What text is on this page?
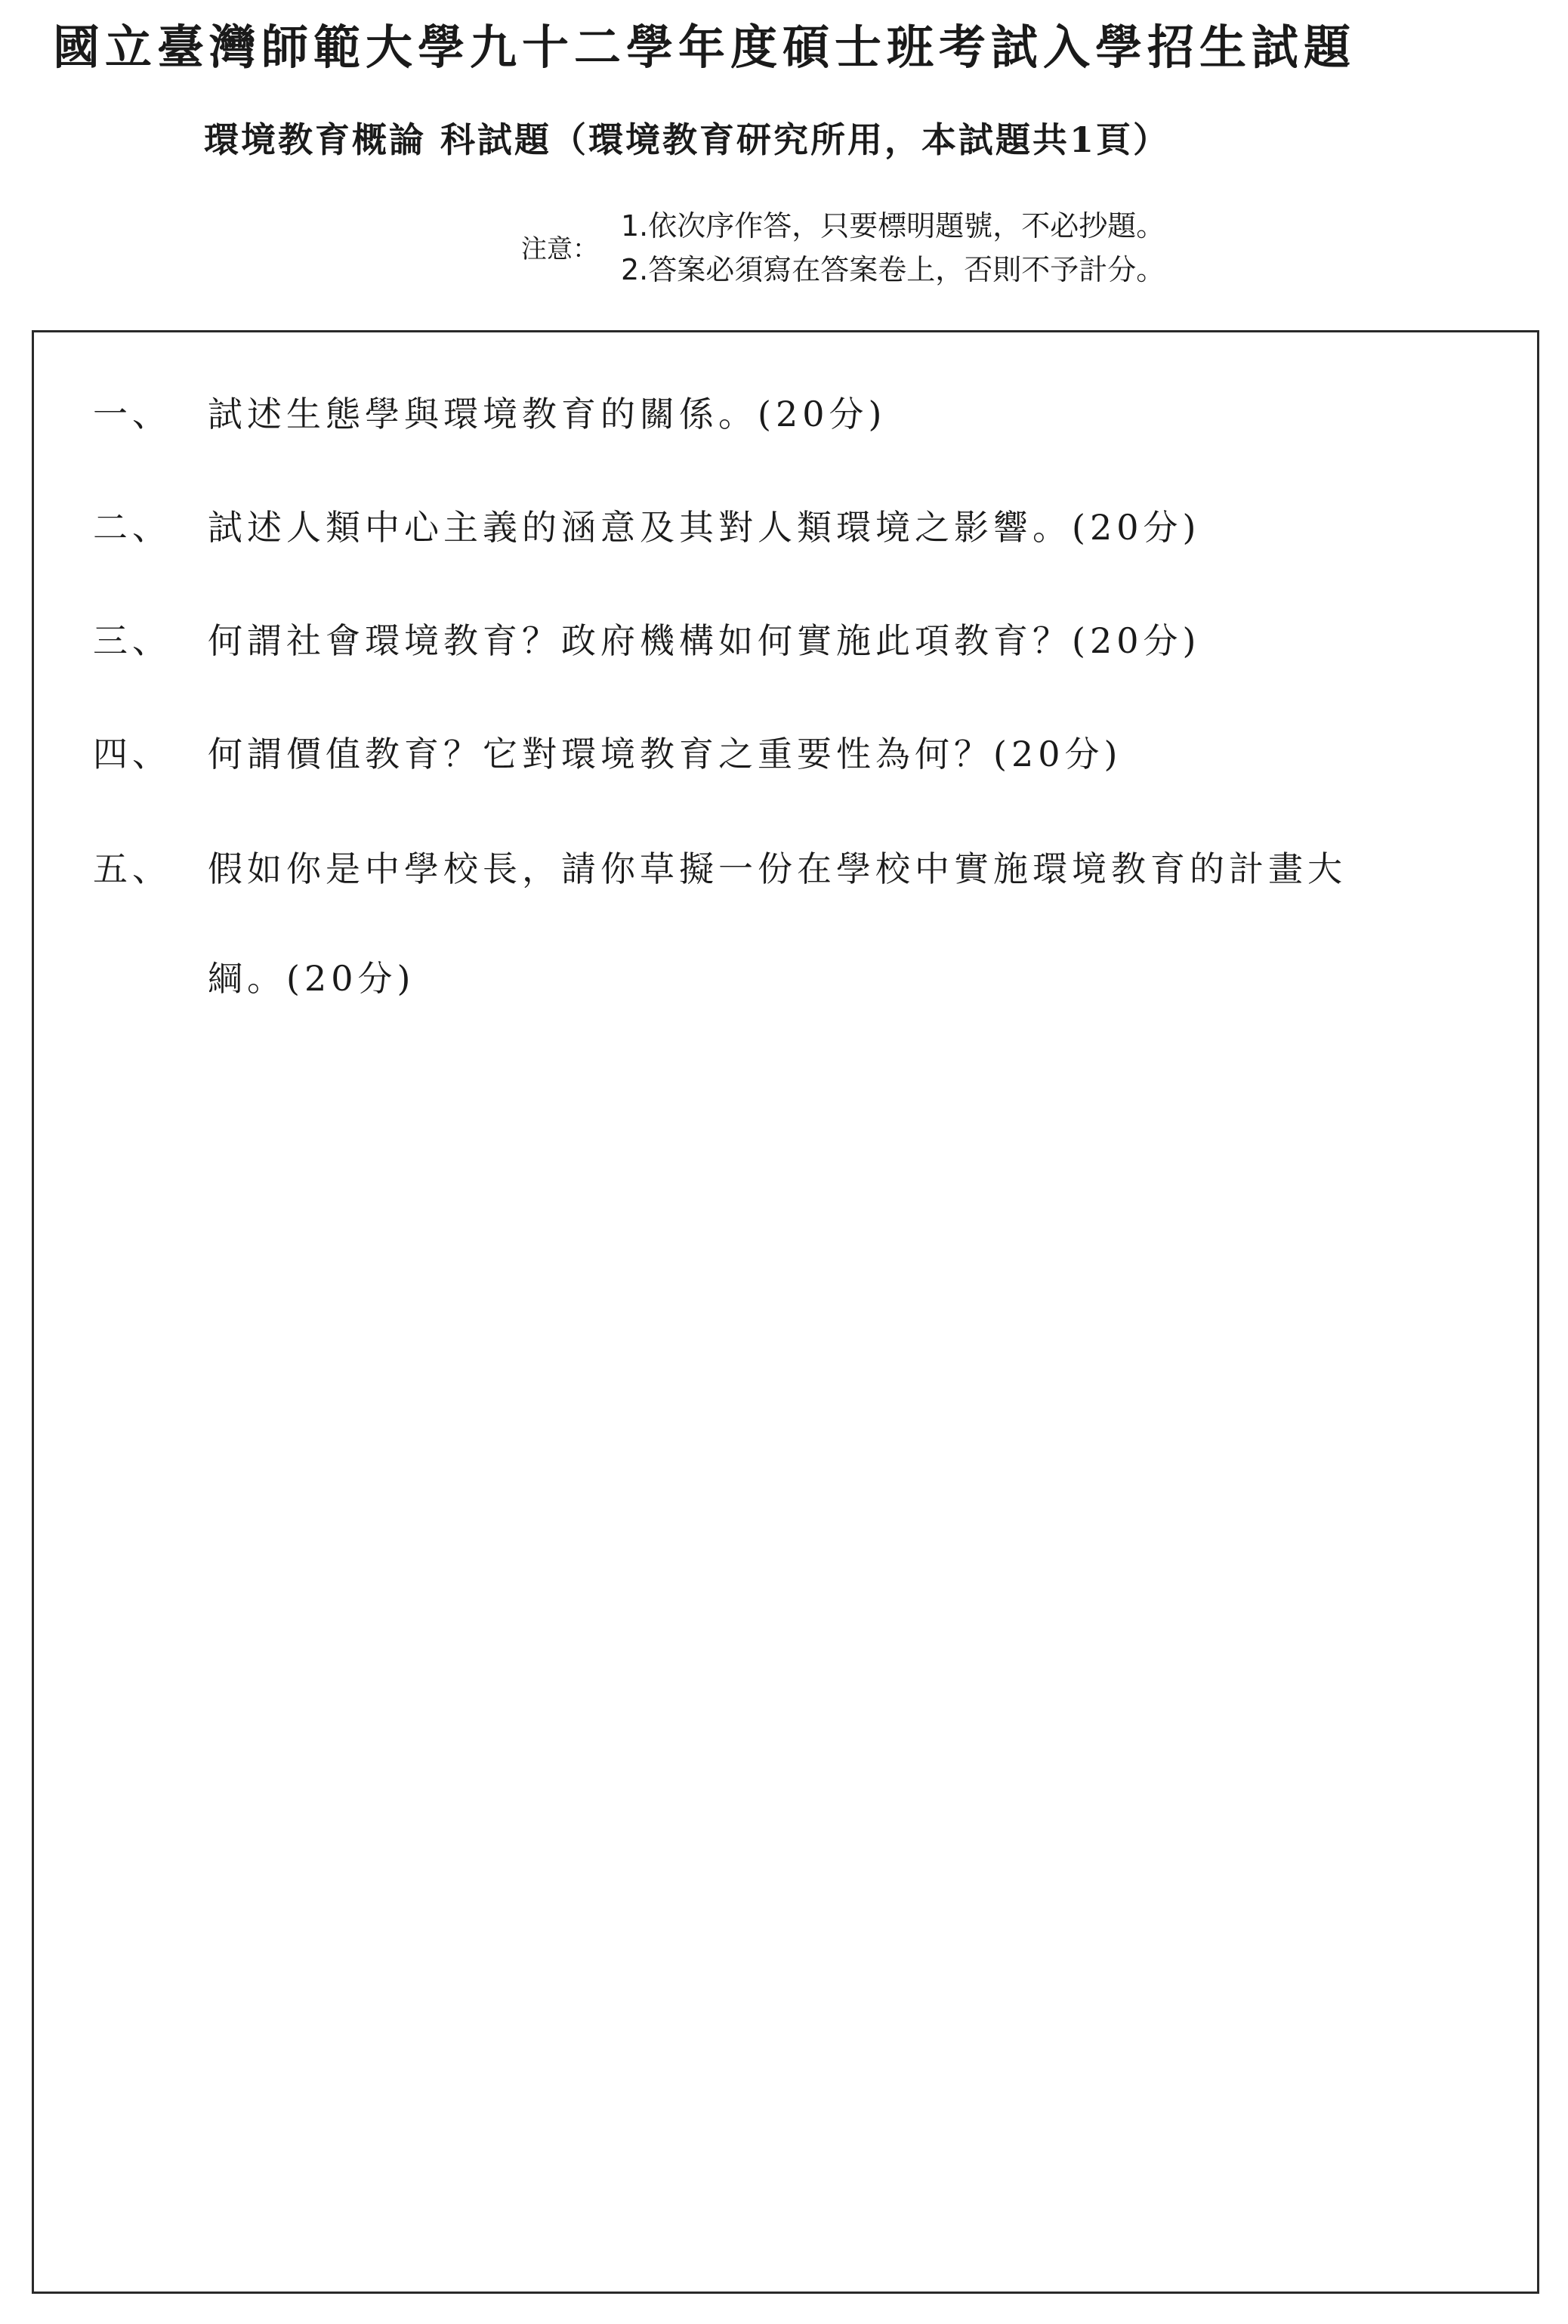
國立臺灣師範大學九十二學年度碩士班考試入學招生試題
環境教育概論 科試題（環境教育研究所用，本試題共1頁）
注意：
1.依次序作答，只要標明題號，不必抄題。
2.答案必須寫在答案卷上，否則不予計分。
一、 試述生態學與環境教育的關係。(20分)
二、 試述人類中心主義的涵意及其對人類環境之影響。(20分)
三、 何謂社會環境教育？政府機構如何實施此項教育？(20分)
四、 何謂價值教育？它對環境教育之重要性為何？(20分)
五、 假如你是中學校長，請你草擬一份在學校中實施環境教育的計畫大
綱。(20分)
